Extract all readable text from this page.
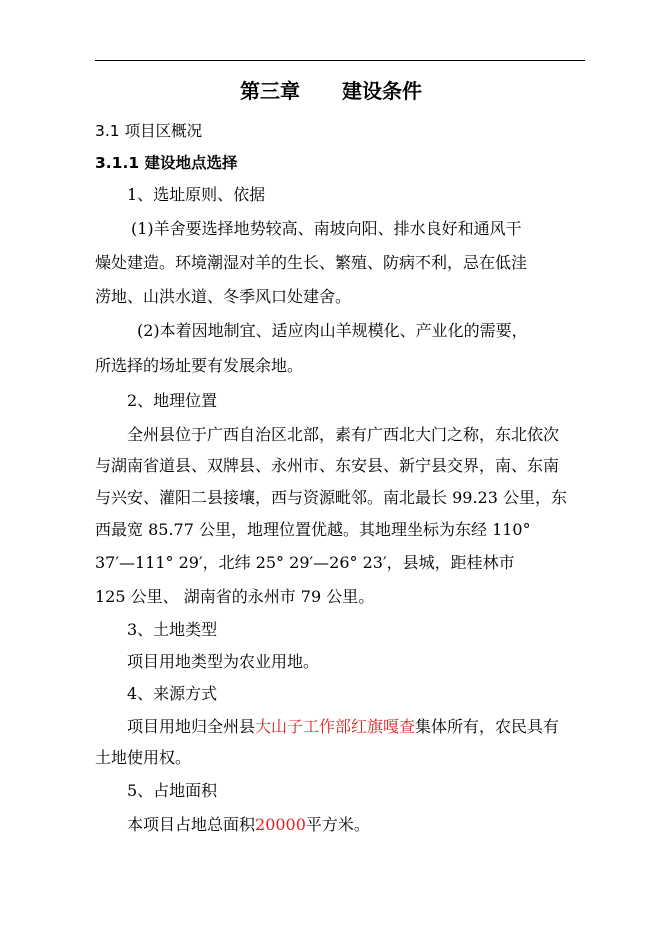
第三章 建设条件
3.1 项目区概况
3.1.1 建设地点选择
1、选址原则、依据
(1)羊舍要选择地势较高、南坡向阳、排水良好和通风干
燥处建造。环境潮湿对羊的生长、繁殖、防病不利，忌在低洼
涝地、山洪水道、冬季风口处建舍。
(2)本着因地制宜、适应肉山羊规模化、产业化的需要，
所选择的场址要有发展余地。
2、地理位置
全州县位于广西自治区北部，素有广西北大门之称，东北依次
与湖南省道县、双牌县、永州市、东安县、新宁县交界，南、东南
与兴安、灌阳二县接壤，西与资源毗邻。南北最长 99.23 公里，东
西最宽 85.77 公里，地理位置优越。其地理坐标为东经 110°
37′—111° 29′，北纬 25° 29′—26° 23′，县城，距桂林市
125 公里、 湖南省的永州市 79 公里。
3、土地类型
项目用地类型为农业用地。
4、来源方式
项目用地归全州县大山子工作部红旗嘎查集体所有，农民具有
土地使用权。
5、占地面积
本项目占地总面积20000平方米。
